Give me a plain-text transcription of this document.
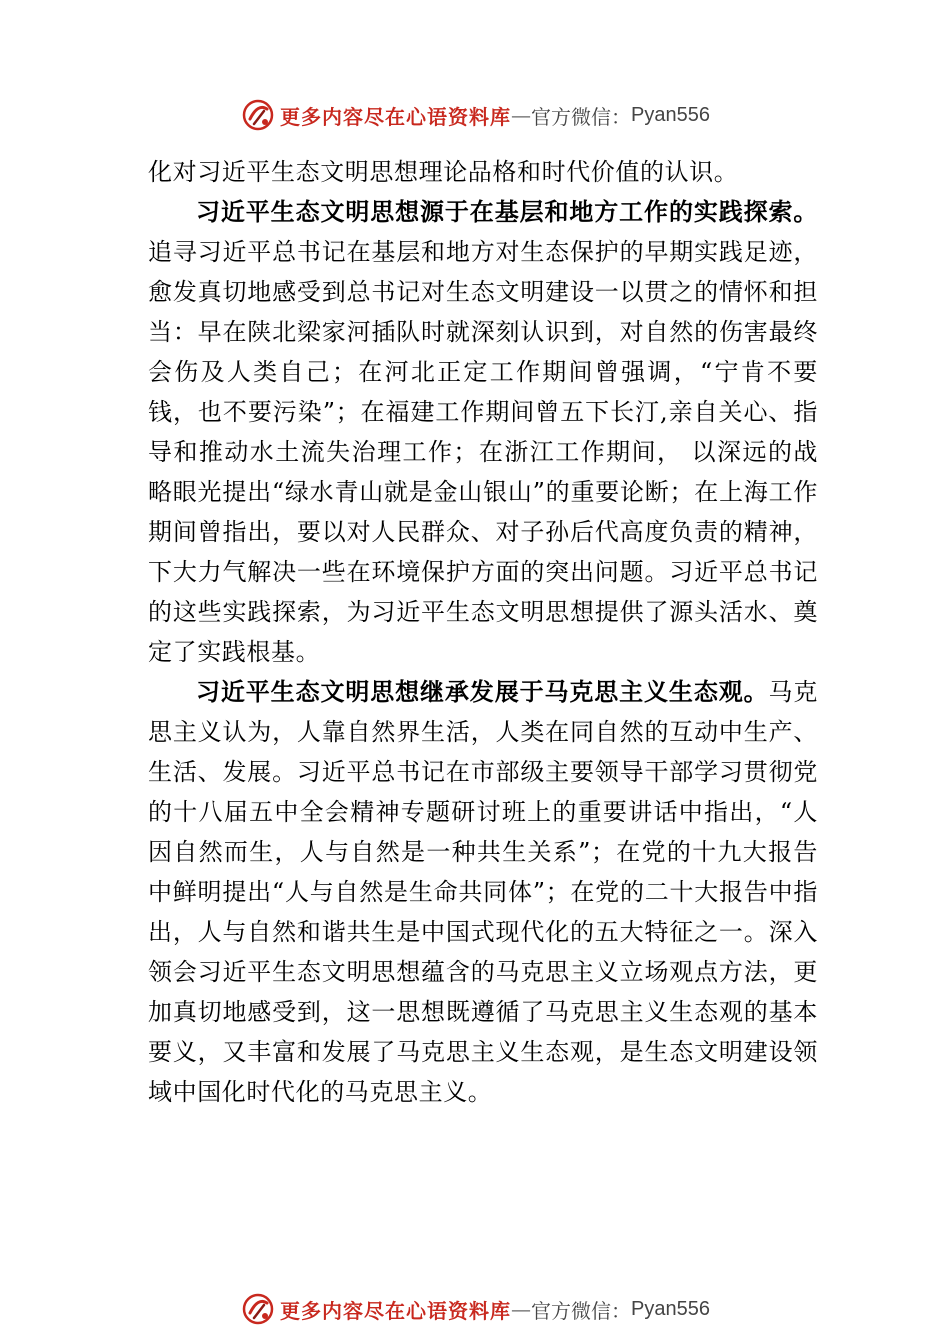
更多内容尽在心语资料库 — 官方微信： Pyan556

化对习近平生态文明思想理论品格和时代价值的认识。

习近平生态文明思想源于在基层和地方工作的实践探索。追寻习近平总书记在基层和地方对生态保护的早期实践足迹，愈发真切地感受到总书记对生态文明建设一以贯之的情怀和担当：早在陕北梁家河插队时就深刻认识到，对自然的伤害最终会伤及人类自己；在河北正定工作期间曾强调，“宁肯不要钱，也不要污染”；在福建工作期间曾五下长汀,亲自关心、指导和推动水土流失治理工作；在浙江工作期间， 以深远的战略眼光提出“绿水青山就是金山银山”的重要论断；在上海工作期间曾指出，要以对人民群众、对子孙后代高度负责的精神，下大力气解决一些在环境保护方面的突出问题。习近平总书记的这些实践探索，为习近平生态文明思想提供了源头活水、奠定了实践根基。

习近平生态文明思想继承发展于马克思主义生态观。马克思主义认为，人靠自然界生活，人类在同自然的互动中生产、生活、发展。习近平总书记在市部级主要领导干部学习贯彻党的十八届五中全会精神专题研讨班上的重要讲话中指出，“人因自然而生，人与自然是一种共生关系”；在党的十九大报告中鲜明提出“人与自然是生命共同体”；在党的二十大报告中指出，人与自然和谐共生是中国式现代化的五大特征之一。深入领会习近平生态文明思想蕴含的马克思主义立场观点方法，更加真切地感受到，这一思想既遵循了马克思主义生态观的基本要义，又丰富和发展了马克思主义生态观，是生态文明建设领域中国化时代化的马克思主义。

更多内容尽在心语资料库 — 官方微信： Pyan556
